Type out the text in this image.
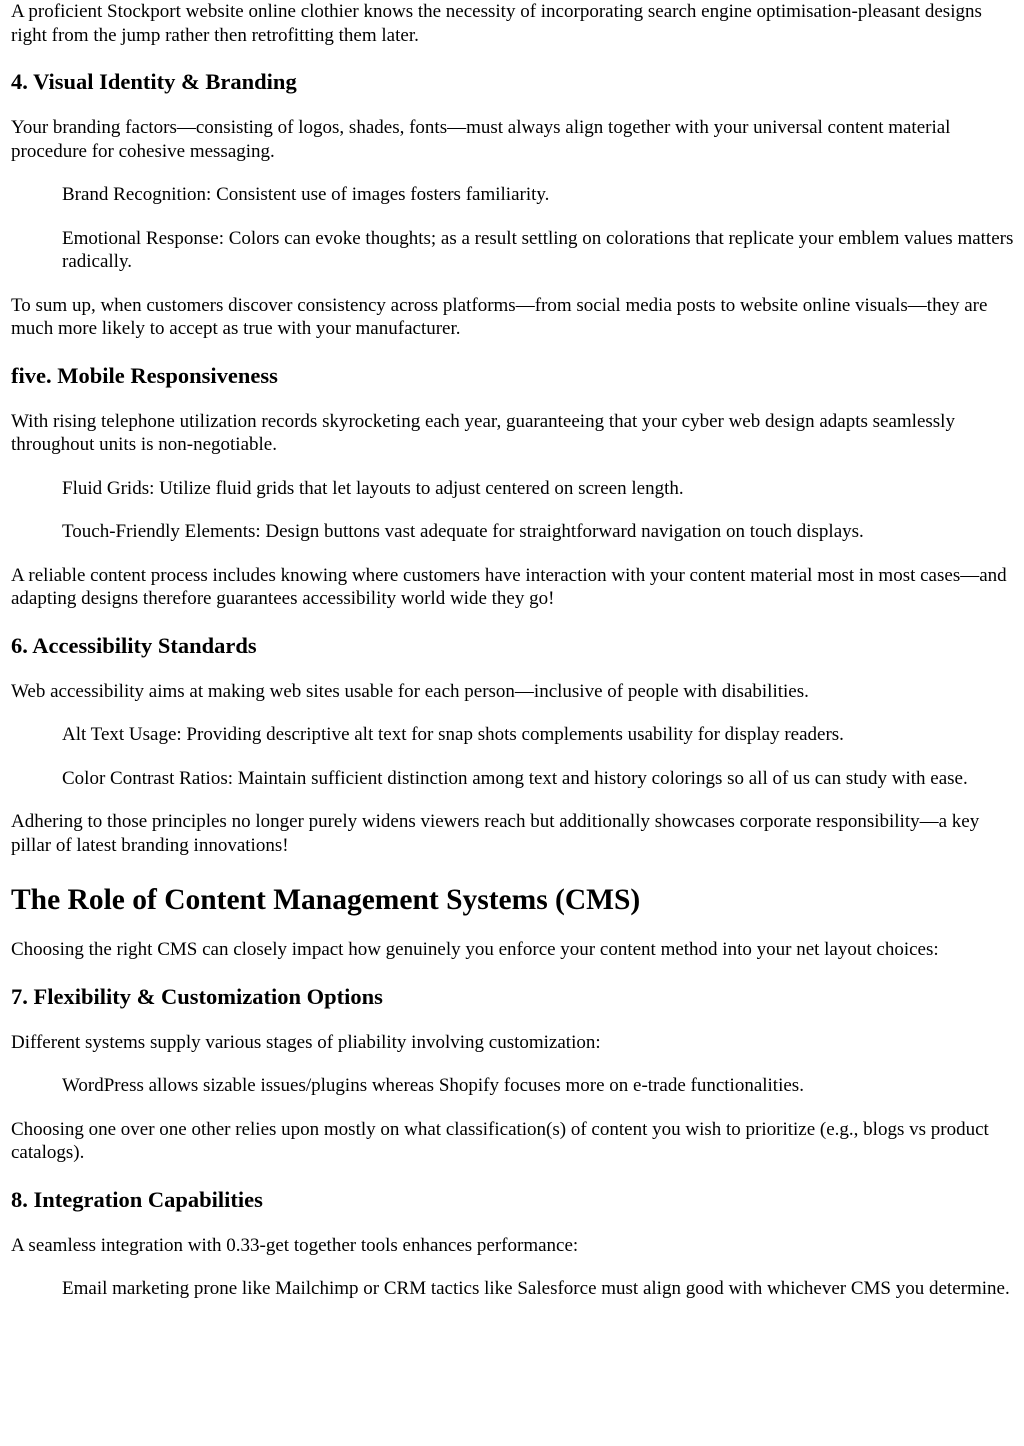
A proficient Stockport website online clothier knows the necessity of incorporating search engine optimisation-pleasant designs right from the jump rather then retrofitting them later.

4. Visual Identity & Branding

Your branding factors—consisting of logos, shades, fonts—must always align together with your universal content material procedure for cohesive messaging.

Brand Recognition: Consistent use of images fosters familiarity.

Emotional Response: Colors can evoke thoughts; as a result settling on colorations that replicate your emblem values matters radically.

To sum up, when customers discover consistency across platforms—from social media posts to website online visuals—they are much more likely to accept as true with your manufacturer.

five. Mobile Responsiveness

With rising telephone utilization records skyrocketing each year, guaranteeing that your cyber web design adapts seamlessly throughout units is non-negotiable.

Fluid Grids: Utilize fluid grids that let layouts to adjust centered on screen length.

Touch-Friendly Elements: Design buttons vast adequate for straightforward navigation on touch displays.

A reliable content process includes knowing where customers have interaction with your content material most in most cases—and adapting designs therefore guarantees accessibility world wide they go!

6. Accessibility Standards

Web accessibility aims at making web sites usable for each person—inclusive of people with disabilities.

Alt Text Usage: Providing descriptive alt text for snap shots complements usability for display readers.

Color Contrast Ratios: Maintain sufficient distinction among text and history colorings so all of us can study with ease.

Adhering to those principles no longer purely widens viewers reach but additionally showcases corporate responsibility—a key pillar of latest branding innovations!

The Role of Content Management Systems (CMS)

Choosing the right CMS can closely impact how genuinely you enforce your content method into your net layout choices:

7. Flexibility & Customization Options

Different systems supply various stages of pliability involving customization:

WordPress allows sizable issues/plugins whereas Shopify focuses more on e-trade functionalities.

Choosing one over one other relies upon mostly on what classification(s) of content you wish to prioritize (e.g., blogs vs product catalogs).

8. Integration Capabilities

A seamless integration with 0.33-get together tools enhances performance:

Email marketing prone like Mailchimp or CRM tactics like Salesforce must align good with whichever CMS you determine.
